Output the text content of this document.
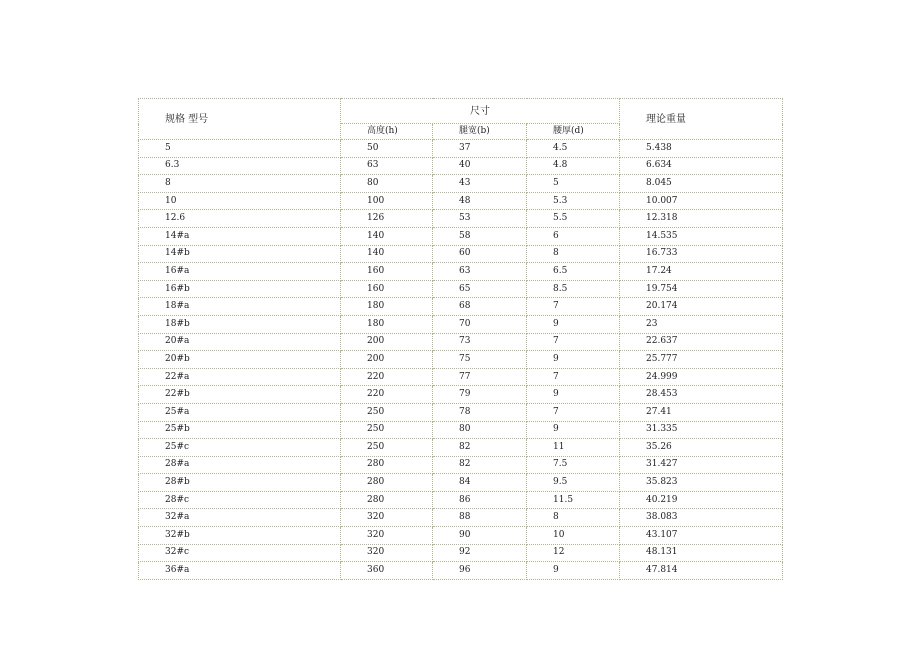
规格 型号	尺寸			理论重量
	高度(h)	腿宽(b)	腰厚(d)	
5	50	37	4.5	5.438
6.3	63	40	4.8	6.634
8	80	43	5	8.045
10	100	48	5.3	10.007
12.6	126	53	5.5	12.318
14#a	140	58	6	14.535
14#b	140	60	8	16.733
16#a	160	63	6.5	17.24
16#b	160	65	8.5	19.754
18#a	180	68	7	20.174
18#b	180	70	9	23
20#a	200	73	7	22.637
20#b	200	75	9	25.777
22#a	220	77	7	24.999
22#b	220	79	9	28.453
25#a	250	78	7	27.41
25#b	250	80	9	31.335
25#c	250	82	11	35.26
28#a	280	82	7.5	31.427
28#b	280	84	9.5	35.823
28#c	280	86	11.5	40.219
32#a	320	88	8	38.083
32#b	320	90	10	43.107
32#c	320	92	12	48.131
36#a	360	96	9	47.814
